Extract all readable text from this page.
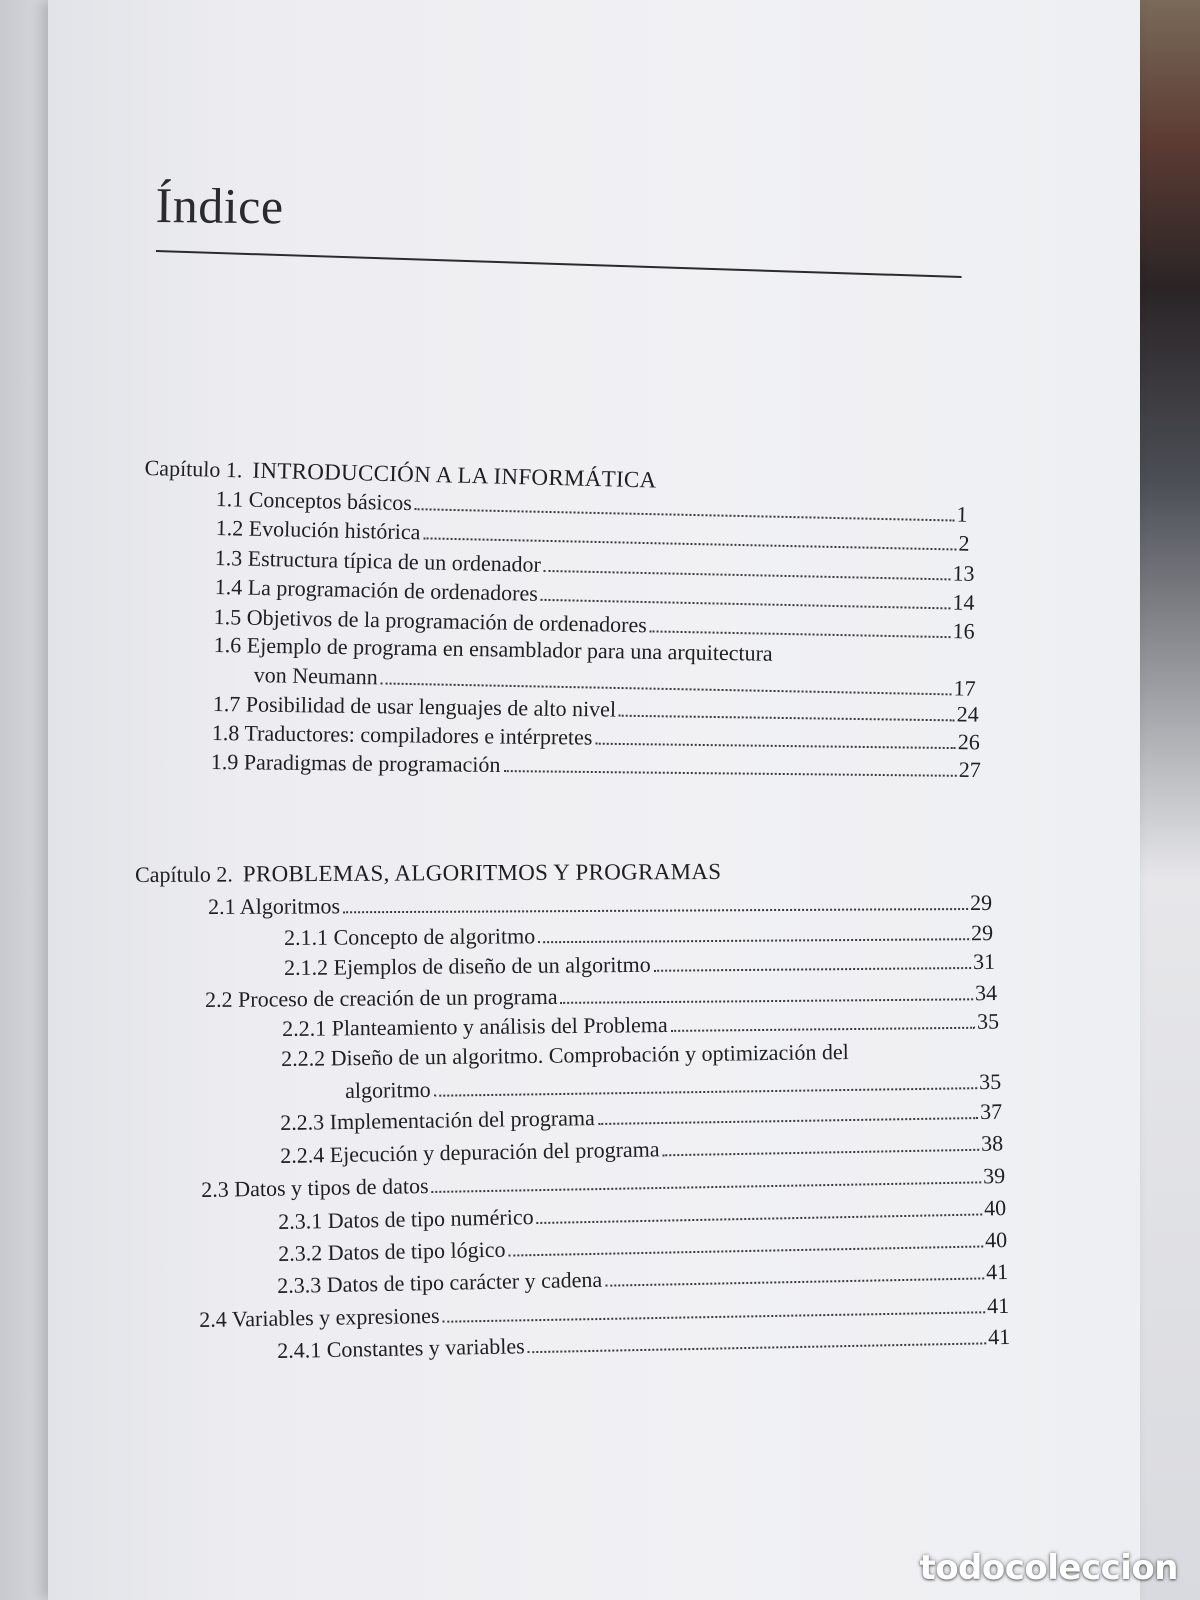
Índice
Capítulo 1. INTRODUCCIÓN A LA INFORMÁTICA
1.1 Conceptos básicos	1
1.2 Evolución histórica	2
1.3 Estructura típica de un ordenador	13
1.4 La programación de ordenadores	14
1.5 Objetivos de la programación de ordenadores	16
1.6 Ejemplo de programa en ensamblador para una arquitectura
von Neumann	17
1.7 Posibilidad de usar lenguajes de alto nivel	24
1.8 Traductores: compiladores e intérpretes	26
1.9 Paradigmas de programación	27
Capítulo 2. PROBLEMAS, ALGORITMOS Y PROGRAMAS
2.1 Algoritmos	29
2.1.1 Concepto de algoritmo	29
2.1.2 Ejemplos de diseño de un algoritmo	31
2.2 Proceso de creación de un programa	34
2.2.1 Planteamiento y análisis del Problema	35
2.2.2 Diseño de un algoritmo. Comprobación y optimización del
algoritmo	35
2.2.3 Implementación del programa	37
2.2.4 Ejecución y depuración del programa	38
2.3 Datos y tipos de datos	39
2.3.1 Datos de tipo numérico	40
2.3.2 Datos de tipo lógico	40
2.3.3 Datos de tipo carácter y cadena	41
2.4 Variables y expresiones	41
2.4.1 Constantes y variables	41
todocoleccion
